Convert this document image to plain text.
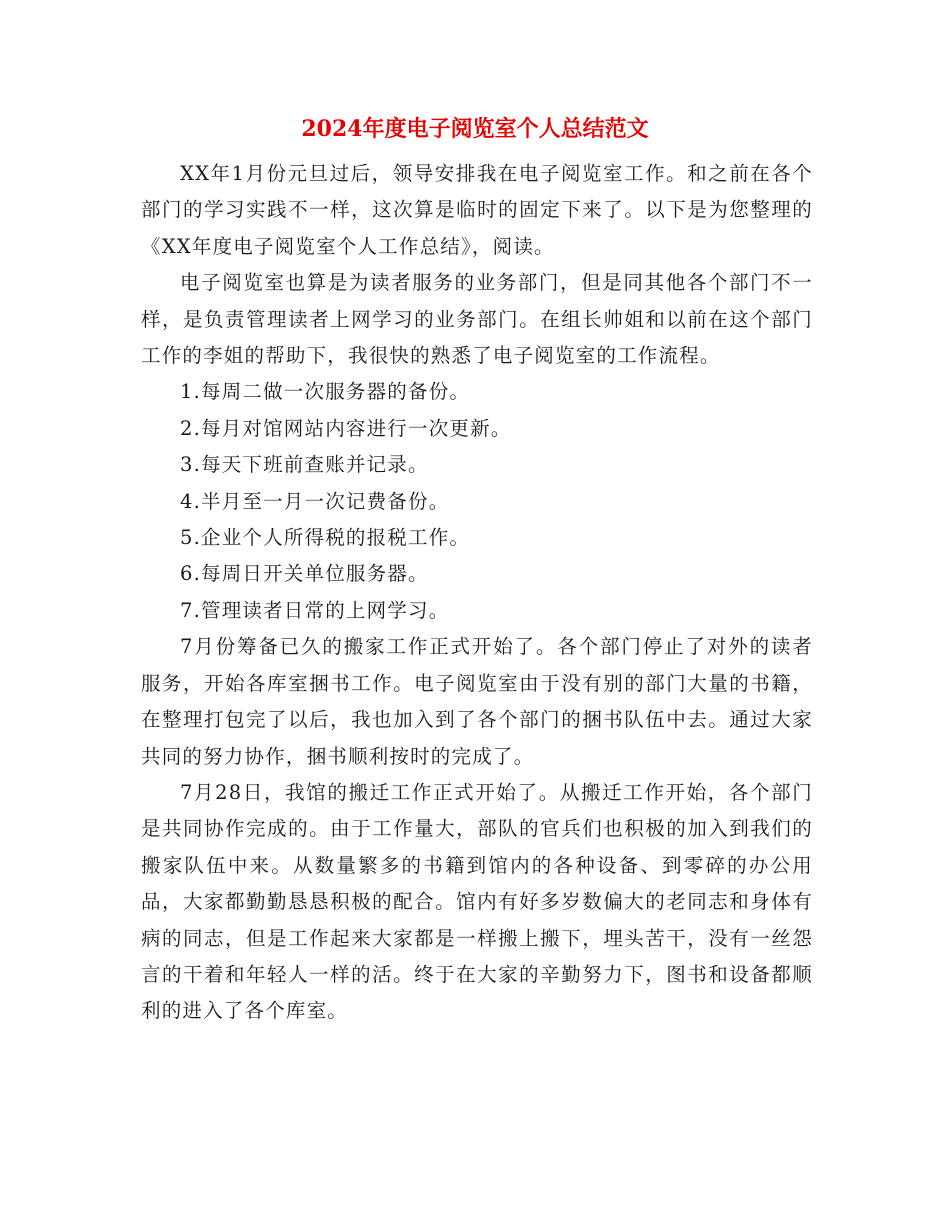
2024年度电子阅览室个人总结范文

XX年1月份元旦过后，领导安排我在电子阅览室工作。和之前在各个部门的学习实践不一样，这次算是临时的固定下来了。以下是为您整理的《XX年度电子阅览室个人工作总结》，阅读。

电子阅览室也算是为读者服务的业务部门，但是同其他各个部门不一样，是负责管理读者上网学习的业务部门。在组长帅姐和以前在这个部门工作的李姐的帮助下，我很快的熟悉了电子阅览室的工作流程。

1.每周二做一次服务器的备份。

2.每月对馆网站内容进行一次更新。

3.每天下班前查账并记录。

4.半月至一月一次记费备份。

5.企业个人所得税的报税工作。

6.每周日开关单位服务器。

7.管理读者日常的上网学习。

7月份筹备已久的搬家工作正式开始了。各个部门停止了对外的读者服务，开始各库室捆书工作。电子阅览室由于没有别的部门大量的书籍，在整理打包完了以后，我也加入到了各个部门的捆书队伍中去。通过大家共同的努力协作，捆书顺利按时的完成了。

7月28日，我馆的搬迁工作正式开始了。从搬迁工作开始，各个部门是共同协作完成的。由于工作量大，部队的官兵们也积极的加入到我们的搬家队伍中来。从数量繁多的书籍到馆内的各种设备、到零碎的办公用品，大家都勤勤恳恳积极的配合。馆内有好多岁数偏大的老同志和身体有病的同志，但是工作起来大家都是一样搬上搬下，埋头苦干，没有一丝怨言的干着和年轻人一样的活。终于在大家的辛勤努力下，图书和设备都顺利的进入了各个库室。
